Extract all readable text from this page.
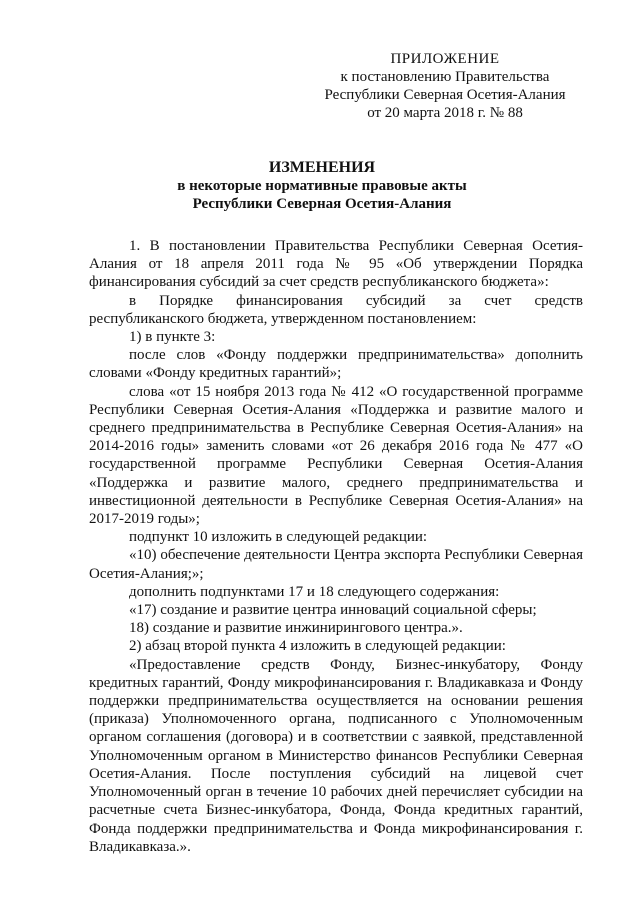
ПРИЛОЖЕНИЕ
к постановлению Правительства
Республики Северная Осетия-Алания
от 20 марта 2018 г. № 88
ИЗМЕНЕНИЯ
в некоторые нормативные правовые акты
Республики Северная Осетия-Алания

1. В постановлении Правительства Республики Северная Осетия-Алания от 18 апреля 2011 года № 95 «Об утверждении Порядка финансирования субсидий за счет средств республиканского бюджета»:

в Порядке финансирования субсидий за счет средств республиканского бюджета, утвержденном постановлением:

1) в пункте 3:

после слов «Фонду поддержки предпринимательства» дополнить словами «Фонду кредитных гарантий»;

слова «от 15 ноября 2013 года № 412 «О государственной программе Республики Северная Осетия-Алания «Поддержка и развитие малого и среднего предпринимательства в Республике Северная Осетия-Алания» на 2014-2016 годы» заменить словами «от 26 декабря 2016 года № 477 «О государственной программе Республики Северная Осетия-Алания «Поддержка и развитие малого, среднего предпринимательства и инвестиционной деятельности в Республике Северная Осетия-Алания» на 2017-2019 годы»;

подпункт 10 изложить в следующей редакции:

«10) обеспечение деятельности Центра экспорта Республики Северная Осетия-Алания;»;

дополнить подпунктами 17 и 18 следующего содержания:

«17) создание и развитие центра инноваций социальной сферы;

18) создание и развитие инжинирингового центра.».

2) абзац второй пункта 4 изложить в следующей редакции:

«Предоставление средств Фонду, Бизнес-инкубатору, Фонду кредитных гарантий, Фонду микрофинансирования г. Владикавказа и Фонду поддержки предпринимательства осуществляется на основании решения (приказа) Уполномоченного органа, подписанного с Уполномоченным органом соглашения (договора) и в соответствии с заявкой, представленной Уполномоченным органом в Министерство финансов Республики Северная Осетия-Алания. После поступления субсидий на лицевой счет Уполномоченный орган в течение 10 рабочих дней перечисляет субсидии на расчетные счета Бизнес-инкубатора, Фонда, Фонда кредитных гарантий, Фонда поддержки предпринимательства и Фонда микрофинансирования г. Владикавказа.».
